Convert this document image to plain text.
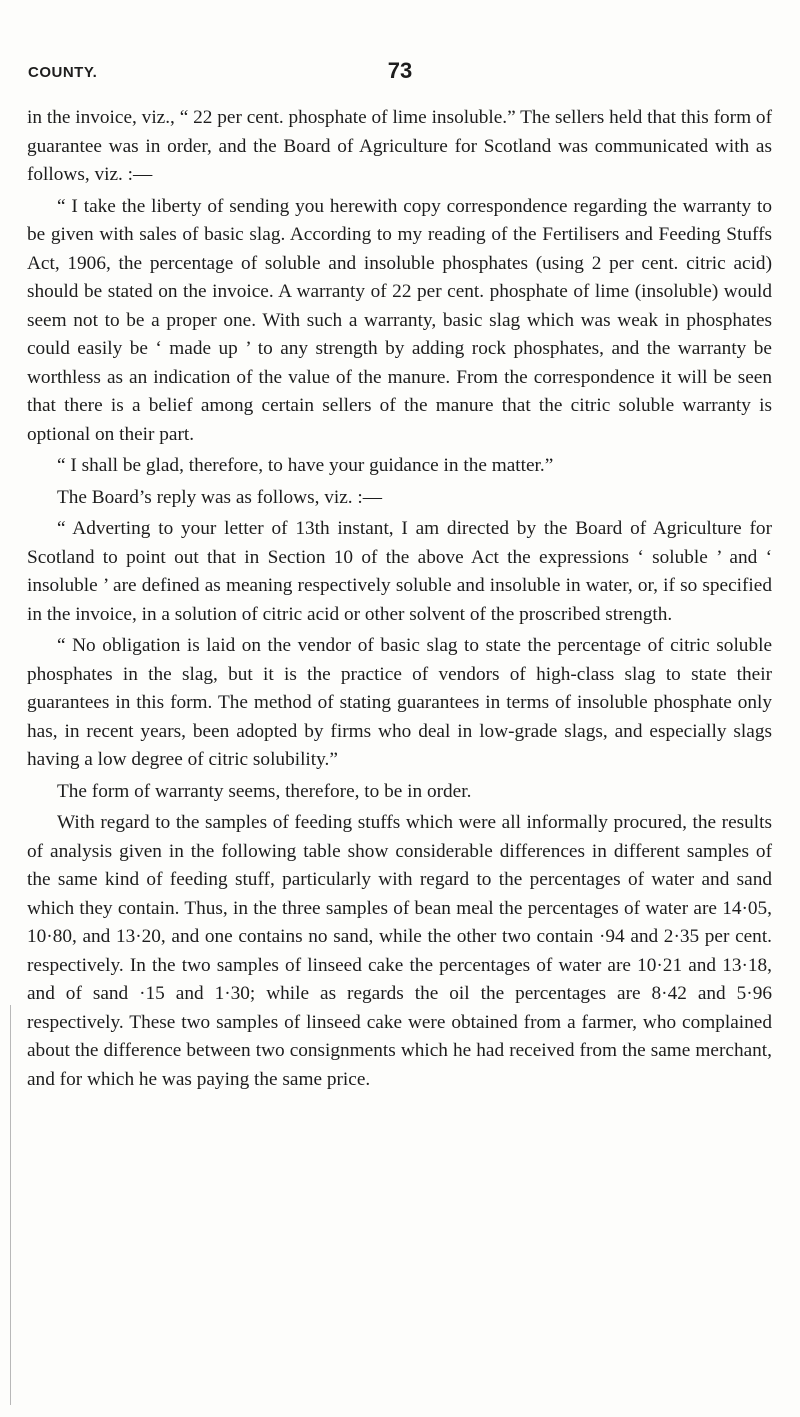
COUNTY.	73

in the invoice, viz., “ 22 per cent. phosphate of lime insoluble.” The sellers held that this form of guarantee was in order, and the Board of Agriculture for Scotland was communicated with as follows, viz. :—

“ I take the liberty of sending you herewith copy correspondence regarding the warranty to be given with sales of basic slag. According to my reading of the Fertilisers and Feeding Stuffs Act, 1906, the percentage of soluble and insoluble phosphates (using 2 per cent. citric acid) should be stated on the invoice. A warranty of 22 per cent. phosphate of lime (insoluble) would seem not to be a proper one. With such a warranty, basic slag which was weak in phosphates could easily be ‘ made up ’ to any strength by adding rock phosphates, and the warranty be worthless as an indication of the value of the manure. From the correspondence it will be seen that there is a belief among certain sellers of the manure that the citric soluble warranty is optional on their part.

“ I shall be glad, therefore, to have your guidance in the matter.”

The Board’s reply was as follows, viz. :—

“ Adverting to your letter of 13th instant, I am directed by the Board of Agriculture for Scotland to point out that in Section 10 of the above Act the expressions ‘ soluble ’ and ‘ insoluble ’ are defined as meaning respectively soluble and insoluble in water, or, if so specified in the invoice, in a solution of citric acid or other solvent of the proscribed strength.

“ No obligation is laid on the vendor of basic slag to state the percentage of citric soluble phosphates in the slag, but it is the practice of vendors of high-class slag to state their guarantees in this form. The method of stating guarantees in terms of insoluble phosphate only has, in recent years, been adopted by firms who deal in low-grade slags, and especially slags having a low degree of citric solubility.”

The form of warranty seems, therefore, to be in order.

With regard to the samples of feeding stuffs which were all informally procured, the results of analysis given in the following table show considerable differences in different samples of the same kind of feeding stuff, particularly with regard to the percentages of water and sand which they contain. Thus, in the three samples of bean meal the percentages of water are 14·05, 10·80, and 13·20, and one contains no sand, while the other two contain ·94 and 2·35 per cent. respectively. In the two samples of linseed cake the percentages of water are 10·21 and 13·18, and of sand ·15 and 1·30; while as regards the oil the percentages are 8·42 and 5·96 respectively. These two samples of linseed cake were obtained from a farmer, who complained about the difference between two consignments which he had received from the same merchant, and for which he was paying the same price.
